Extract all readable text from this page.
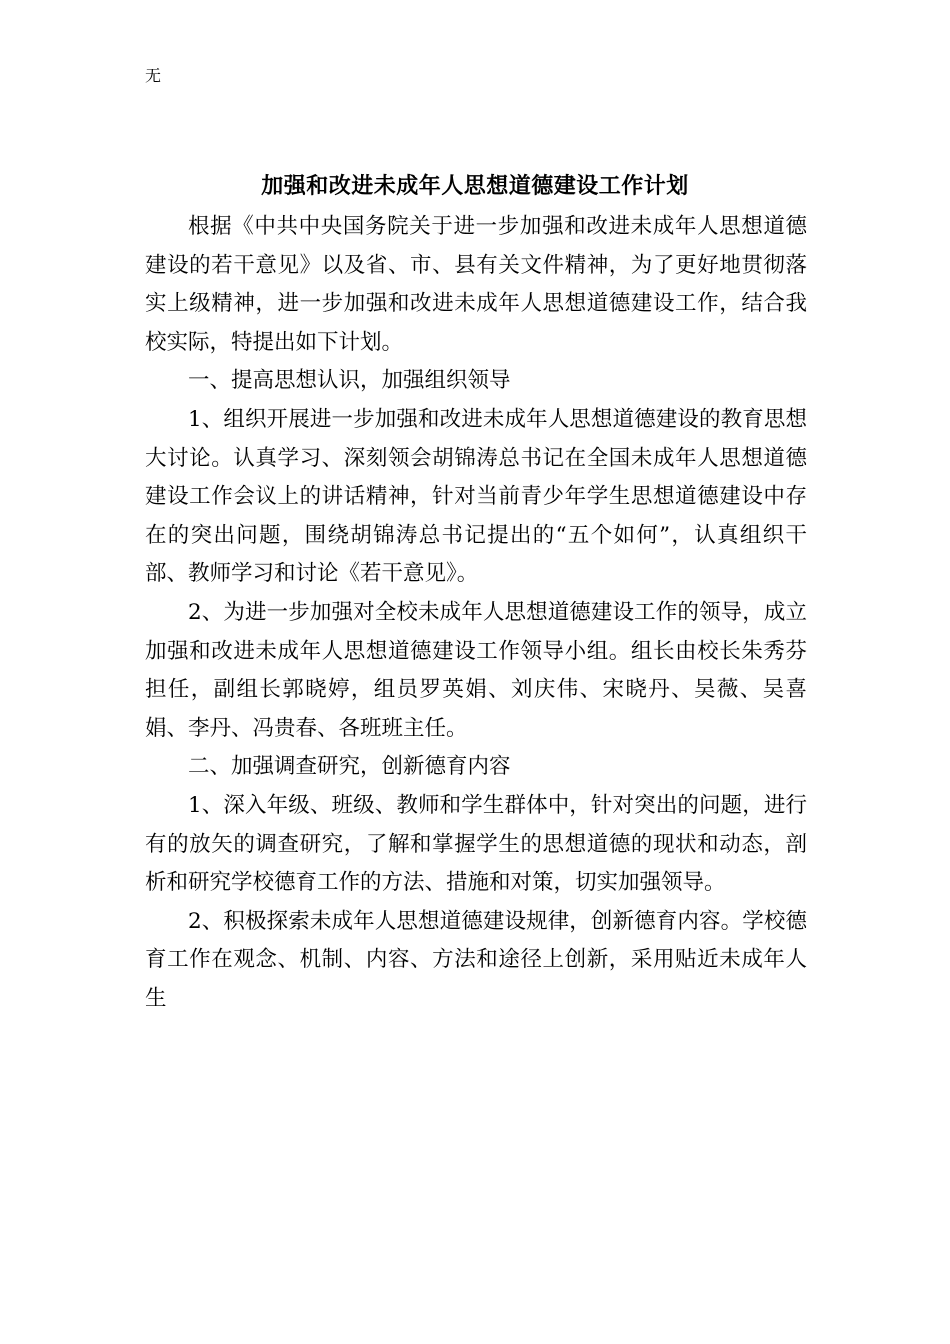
无
加强和改进未成年人思想道德建设工作计划

根据《中共中央国务院关于进一步加强和改进未成年人思想道德建设的若干意见》以及省、市、县有关文件精神，为了更好地贯彻落实上级精神，进一步加强和改进未成年人思想道德建设工作，结合我校实际，特提出如下计划。

一、提高思想认识，加强组织领导

1、组织开展进一步加强和改进未成年人思想道德建设的教育思想大讨论。认真学习、深刻领会胡锦涛总书记在全国未成年人思想道德建设工作会议上的讲话精神，针对当前青少年学生思想道德建设中存在的突出问题，围绕胡锦涛总书记提出的“五个如何”，认真组织干部、教师学习和讨论《若干意见》。

2、为进一步加强对全校未成年人思想道德建设工作的领导，成立加强和改进未成年人思想道德建设工作领导小组。组长由校长朱秀芬担任，副组长郭晓婷，组员罗英娟、刘庆伟、宋晓丹、吴薇、吴喜娟、李丹、冯贵春、各班班主任。

二、加强调查研究，创新德育内容

1、深入年级、班级、教师和学生群体中，针对突出的问题，进行有的放矢的调查研究，了解和掌握学生的思想道德的现状和动态，剖析和研究学校德育工作的方法、措施和对策，切实加强领导。

2、积极探索未成年人思想道德建设规律，创新德育内容。学校德育工作在观念、机制、内容、方法和途径上创新，采用贴近未成年人生
